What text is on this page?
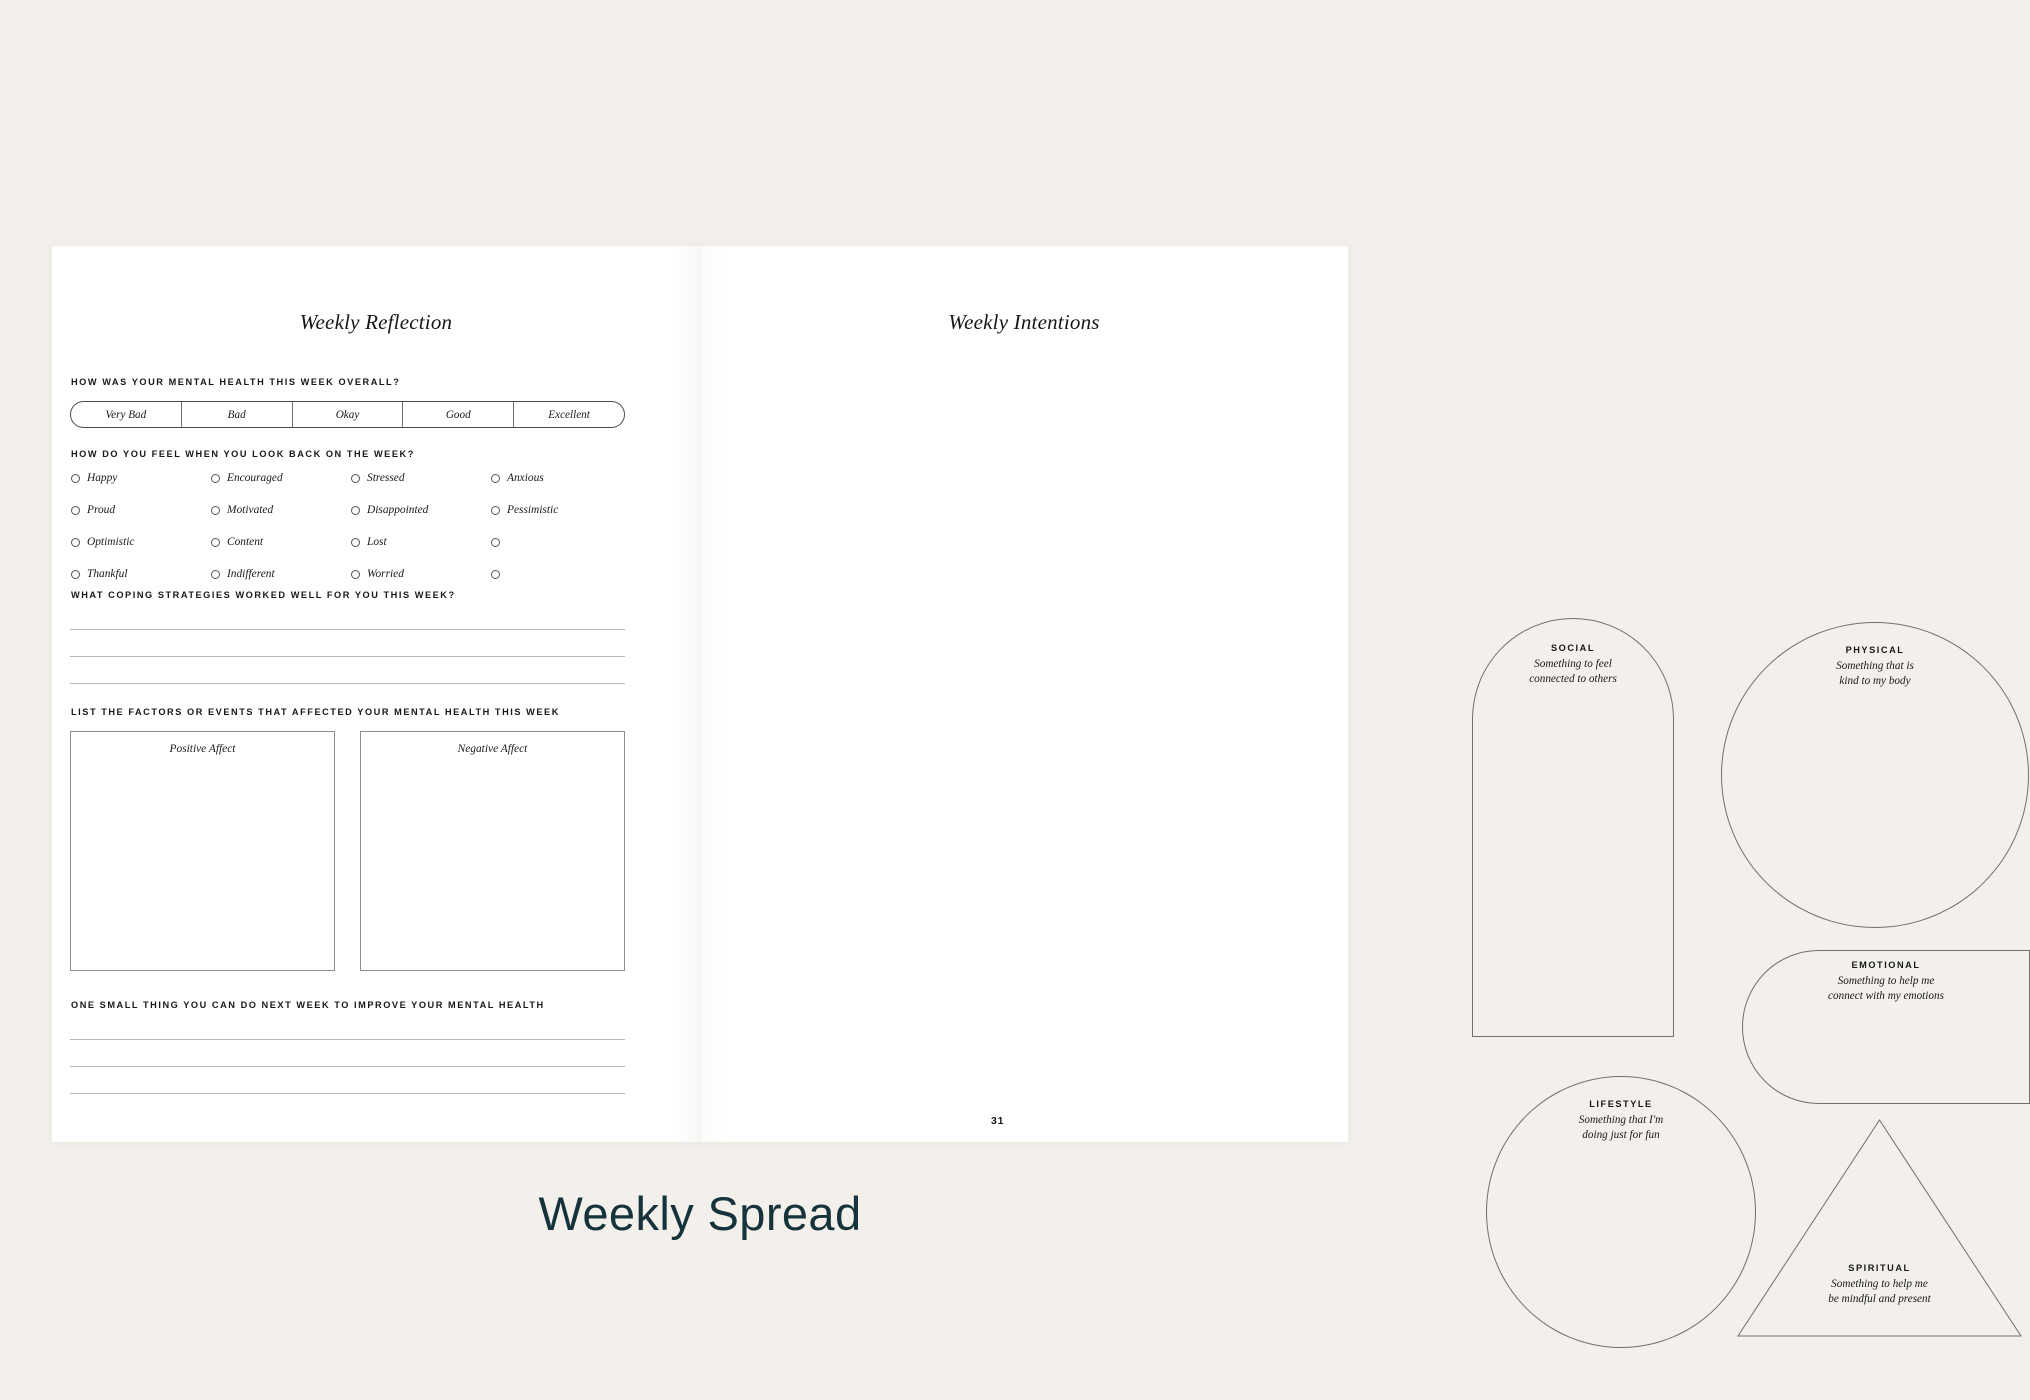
Weekly Reflection
HOW WAS YOUR MENTAL HEALTH THIS WEEK OVERALL?
Very Bad	Bad	Okay	Good	Excellent
HOW DO YOU FEEL WHEN YOU LOOK BACK ON THE WEEK?
Happy	Encouraged	Stressed	Anxious
Proud	Motivated	Disappointed	Pessimistic
Optimistic	Content	Lost
Thankful	Indifferent	Worried
WHAT COPING STRATEGIES WORKED WELL FOR YOU THIS WEEK?
LIST THE FACTORS OR EVENTS THAT AFFECTED YOUR MENTAL HEALTH THIS WEEK
Positive Affect	Negative Affect
ONE SMALL THING YOU CAN DO NEXT WEEK TO IMPROVE YOUR MENTAL HEALTH
Weekly Intentions
SOCIAL
Something to feel
connected to others
PHYSICAL
Something that is
kind to my body
EMOTIONAL
Something to help me
connect with my emotions
LIFESTYLE
Something that I'm
doing just for fun
SPIRITUAL
Something to help me
be mindful and present
31
Weekly Spread
